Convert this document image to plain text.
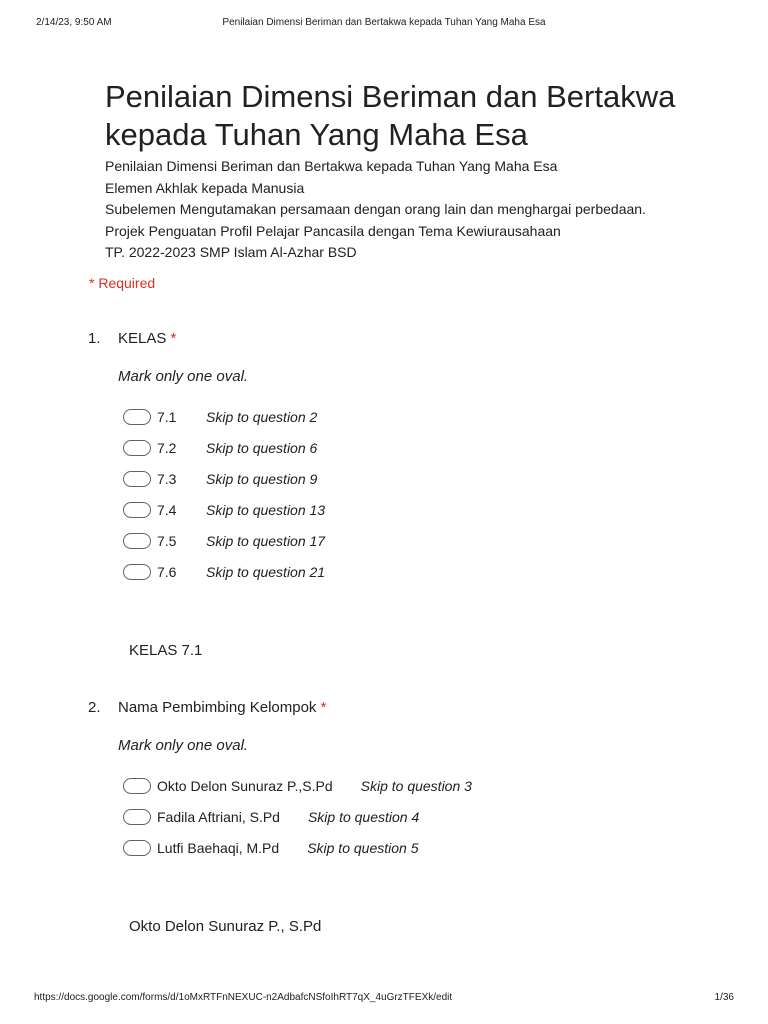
2/14/23, 9:50 AM	Penilaian Dimensi Beriman dan Bertakwa kepada Tuhan Yang Maha Esa
Penilaian Dimensi Beriman dan Bertakwa kepada Tuhan Yang Maha Esa
Penilaian Dimensi Beriman dan Bertakwa kepada Tuhan Yang Maha Esa
Elemen Akhlak kepada Manusia
Subelemen Mengutamakan persamaan dengan orang lain dan menghargai perbedaan.
Projek Penguatan Profil Pelajar Pancasila dengan Tema Kewiurausahaan
TP. 2022-2023 SMP Islam Al-Azhar BSD
* Required
1. KELAS *
Mark only one oval.
7.1 Skip to question 2
7.2 Skip to question 6
7.3 Skip to question 9
7.4 Skip to question 13
7.5 Skip to question 17
7.6 Skip to question 21
KELAS 7.1
2. Nama Pembimbing Kelompok *
Mark only one oval.
Okto Delon Sunuraz P.,S.Pd Skip to question 3
Fadila Aftriani, S.Pd Skip to question 4
Lutfi Baehaqi, M.Pd Skip to question 5
Okto Delon Sunuraz P., S.Pd
https://docs.google.com/forms/d/1oMxRTFnNEXUC-n2AdbafcNSfoIhRT7qX_4uGrzTFEXk/edit	1/36
